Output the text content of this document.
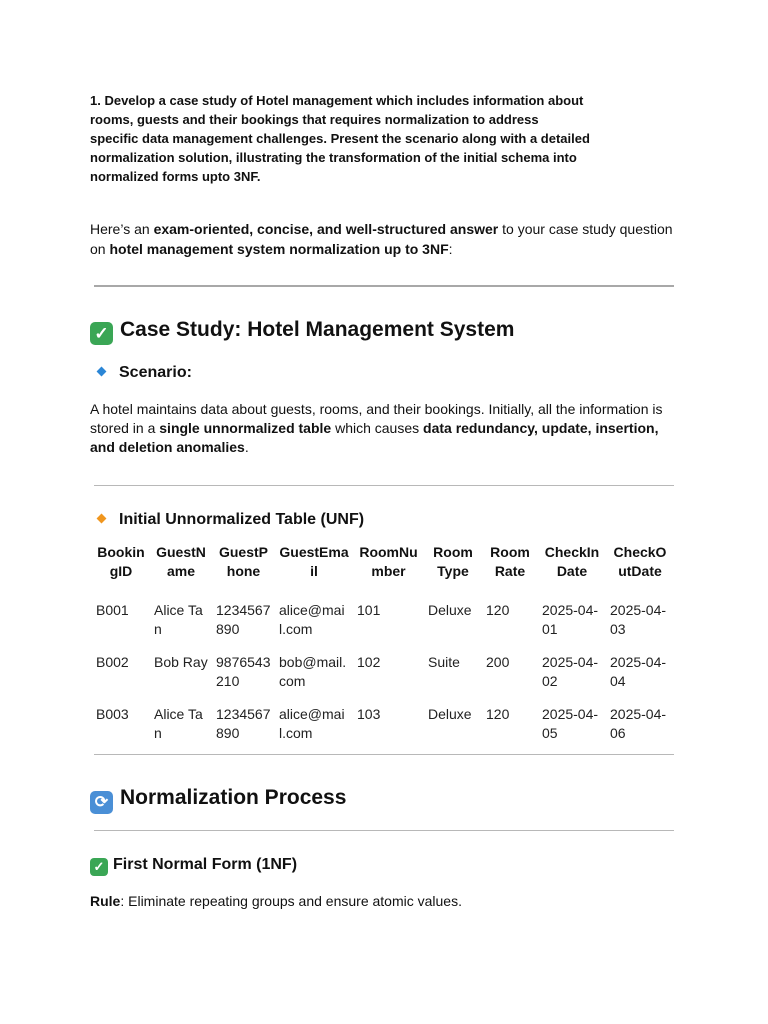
1. Develop a case study of Hotel management which includes information about rooms, guests and their bookings that requires normalization to address specific data management challenges. Present the scenario along with a detailed normalization solution, illustrating the transformation of the initial schema into normalized forms upto 3NF.

Here’s an exam-oriented, concise, and well-structured answer to your case study question on hotel management system normalization up to 3NF:

✓ Case Study: Hotel Management System
Scenario:

A hotel maintains data about guests, rooms, and their bookings. Initially, all the information is stored in a single unnormalized table which causes data redundancy, update, insertion, and deletion anomalies.

Initial Unnormalized Table (UNF)
BookingID	GuestName	GuestPhone	GuestEmail	RoomNumber	Room Type	Room Rate	CheckIn Date	CheckOutDate
B001	Alice Tan	1234567890	alice@mail.com	101	Deluxe	120	2025-04-01	2025-04-03
B002	Bob Ray	9876543210	bob@mail.com	102	Suite	200	2025-04-02	2025-04-04
B003	Alice Tan	1234567890	alice@mail.com	103	Deluxe	120	2025-04-05	2025-04-06
⟳ Normalization Process
✓ First Normal Form (1NF)

Rule: Eliminate repeating groups and ensure atomic values.
